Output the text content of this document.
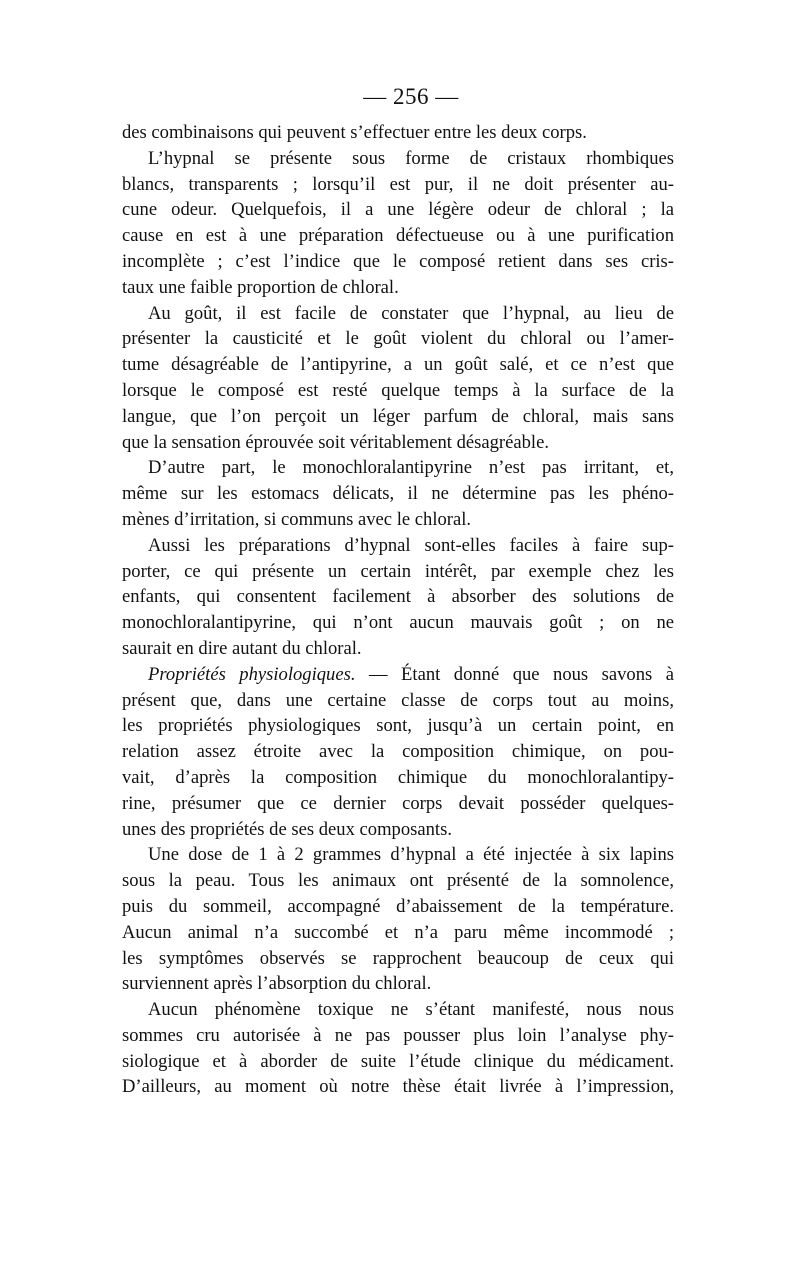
— 256 —

des combinaisons qui peuvent s’effectuer entre les deux corps.

L’hypnal se présente sous forme de cristaux rhombiques
blancs, transparents ; lorsqu’il est pur, il ne doit présenter au-
cune odeur. Quelquefois, il a une légère odeur de chloral ; la
cause en est à une préparation défectueuse ou à une purification
incomplète ; c’est l’indice que le composé retient dans ses cris-
taux une faible proportion de chloral.

Au goût, il est facile de constater que l’hypnal, au lieu de
présenter la causticité et le goût violent du chloral ou l’amer-
tume désagréable de l’antipyrine, a un goût salé, et ce n’est que
lorsque le composé est resté quelque temps à la surface de la
langue, que l’on perçoit un léger parfum de chloral, mais sans
que la sensation éprouvée soit véritablement désagréable.

D’autre part, le monochloralantipyrine n’est pas irritant, et,
même sur les estomacs délicats, il ne détermine pas les phéno-
mènes d’irritation, si communs avec le chloral.

Aussi les préparations d’hypnal sont-elles faciles à faire sup-
porter, ce qui présente un certain intérêt, par exemple chez les
enfants, qui consentent facilement à absorber des solutions de
monochloralantipyrine, qui n’ont aucun mauvais goût ; on ne
saurait en dire autant du chloral.

Propriétés physiologiques. — Étant donné que nous savons à
présent que, dans une certaine classe de corps tout au moins,
les propriétés physiologiques sont, jusqu’à un certain point, en
relation assez étroite avec la composition chimique, on pou-
vait, d’après la composition chimique du monochloralantipy-
rine, présumer que ce dernier corps devait posséder quelques-
unes des propriétés de ses deux composants.

Une dose de 1 à 2 grammes d’hypnal a été injectée à six lapins
sous la peau. Tous les animaux ont présenté de la somnolence,
puis du sommeil, accompagné d’abaissement de la température.
Aucun animal n’a succombé et n’a paru même incommodé ;
les symptômes observés se rapprochent beaucoup de ceux qui
surviennent après l’absorption du chloral.

Aucun phénomène toxique ne s’étant manifesté, nous nous
sommes cru autorisée à ne pas pousser plus loin l’analyse phy-
siologique et à aborder de suite l’étude clinique du médicament.
D’ailleurs, au moment où notre thèse était livrée à l’impression,
